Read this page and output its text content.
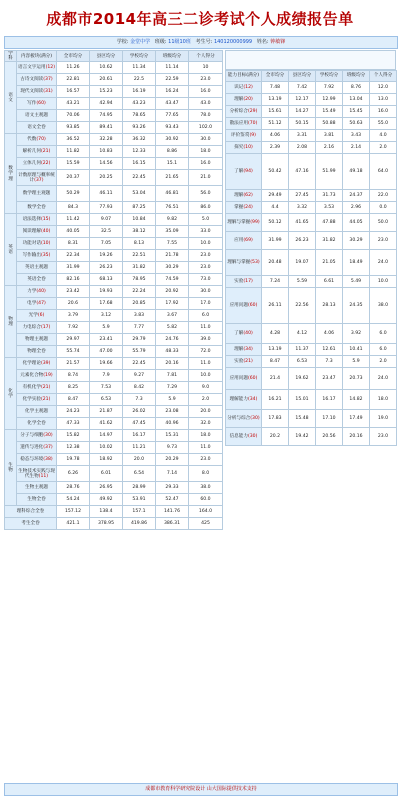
成都市2014年高三二诊考试个人成绩报告单
学校: 金堂中学 班级: 11级10班 考生号: 140120000999 姓名: 钟敏锋
学科	内容板块(满分)	全市均分	县区均分	学校均分	班级均分	个人得分
语文	语言文字运用(12)	11.26	10.62	11.34	11.14	10
	古诗文阅读(37)	22.81	20.61	22.5	22.59	23.0
	现代文阅读(31)	16.57	15.23	16.19	16.24	16.0
	写作(60)	43.21	42.94	43.23	43.47	43.0
	语文主观题	70.06	74.95	78.65	77.65	78.0
	语文全卷	93.85	89.41	93.26	93.43	102.0
数学理	代数(70)	36.52	32.28	36.32	30.92	30.0
	解析几何(21)	11.82	10.83	12.33	8.86	18.0
	立体几何(22)	15.59	14.56	16.15	15.1	16.0
	计数原理与概率统计(37)	20.37	20.25	22.45	21.65	21.0
	数学理主观题	50.29	46.11	53.04	46.81	56.0
	数学全卷	84.3	77.93	87.25	76.51	86.0
英语	语法选择(15)	11.42	9.07	10.84	9.82	5.0
	阅读理解(40)	40.05	32.5	38.12	35.09	33.0
	功能对话(10)	8.31	7.05	8.13	7.55	10.0
	写作输出(35)	22.34	19.26	22.51	21.78	23.0
	英语主观题	31.99	26.23	31.82	30.29	23.0
	英语全卷	82.16	68.13	78.95	74.59	73.0
物理	力学(40)	23.42	19.93	22.24	20.92	30.0
	电学(47)	20.6	17.68	20.85	17.92	17.0
	光学(6)	3.79	3.12	3.83	3.67	6.0
	力电综合(17)	7.92	5.9	7.77	5.82	11.0
	物理主观题	29.97	23.41	29.79	24.76	39.0
	物理全卷	55.74	47.00	55.79	48.33	72.0
化学	化学理论(39)	21.57	19.66	22.45	20.16	11.0
	元素化合物(19)	8.74	7.9	9.27	7.81	10.0
	有机化学(21)	8.25	7.53	8.42	7.29	9.0
	化学实验(21)	8.47	6.53	7.3	5.9	2.0
	化学主观题	24.23	21.87	26.02	23.08	20.0
	化学全卷	47.33	41.62	47.45	40.96	32.0
生物	分子与细胞(30)	15.82	14.97	16.17	15.31	18.0
	遗传与进化(37)	12.38	10.02	11.21	9.73	11.0
	稳态与环境(38)	19.78	18.92	20.0	20.29	23.0
	生物技术实践与现代生物(11)	6.26	6.01	6.54	7.14	8.0
	生物主观题	28.76	26.95	28.99	29.33	38.0
	生物全卷	54.24	49.92	53.91	52.47	60.0
理科综合全卷		157.12	138.4	157.1	141.76	164.0
考生全卷		421.1	378.95	419.86	386.31	425
能力目标(满分)	全市均分	县区均分	学校均分	班级均分	个人得分
识记(12)	7.48	7.42	7.92	8.76	12.0
理解(20)	13.19	12.17	12.99	13.04	13.0
分析综合(29)	15.61	14.27	15.49	15.45	16.0
散法应用(70)	51.12	50.15	50.88	50.63	55.0
评价鉴赏(9)	4.06	3.31	3.81	3.43	4.0
探究(10)	2.39	2.08	2.16	2.14	2.0
了解(94)	50.42	47.16	51.99	49.18	64.0
理解(62)	29.49	27.45	31.73	24.37	22.0
掌握(24)	4.4	3.32	3.53	2.96	0.0
理解与掌握(99)	50.12	41.65	47.88	44.05	50.0
应用(69)	31.99	26.23	31.82	30.29	23.0
理解与掌握(53)	20.48	19.07	21.05	18.49	24.0
实验(17)	7.24	5.59	6.61	5.49	10.0
应用问题(60)	26.11	22.56	28.13	24.35	38.0
了解(40)	4.28	4.12	4.06	3.92	6.0
理解(34)	13.19	11.37	12.61	10.41	6.0
实验(21)	8.47	6.53	7.3	5.9	2.0
应用问题(60)	21.4	19.62	23.47	20.73	24.0
理解能力(34)	16.21	15.01	16.17	14.82	18.0
分析与综合(30)	17.83	15.48	17.10	17.49	19.0
信息能力(30)	20.2	19.42	20.56	20.16	23.0
成都市教育科学研究院设计 山大国际提供技术支持
